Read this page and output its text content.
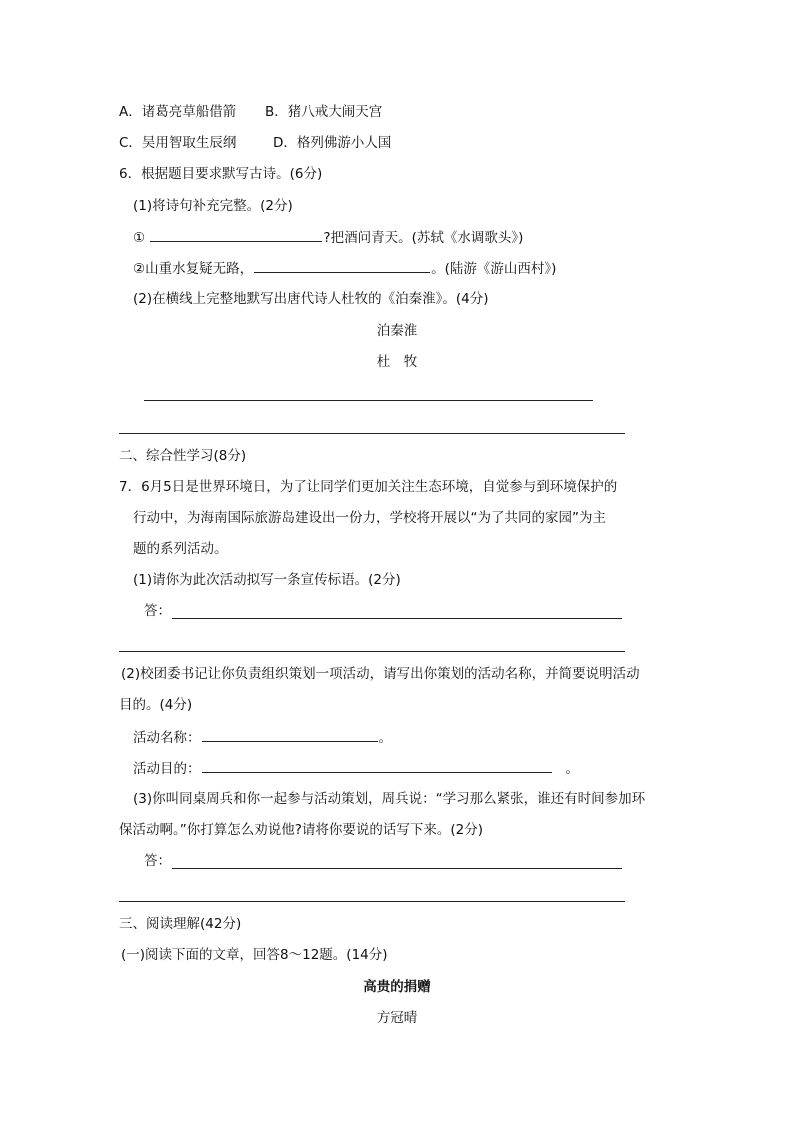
A．诸葛亮草船借箭 B．猪八戒大闹天宫
C．吴用智取生辰纲	D．格列佛游小人国
6．根据题目要求默写古诗。(6分)
(1)将诗句补充完整。(2分)
①	?把酒问青天。(苏轼《水调歌头》)
②山重水复疑无路，	。(陆游《游山西村》)
(2)在横线上完整地默写出唐代诗人杜牧的《泊秦淮》。(4分)
泊秦淮
杜　牧
二、综合性学习(8分)
7．6月5日是世界环境日，为了让同学们更加关注生态环境，自觉参与到环境保护的
行动中，为海南国际旅游岛建设出一份力，学校将开展以“为了共同的家园”为主
题的系列活动。
(1)请你为此次活动拟写一条宣传标语。(2分)
答：
(2)校团委书记让你负责组织策划一项活动，请写出你策划的活动名称，并简要说明活动
目的。(4分)
活动名称：	。
活动目的：	。
(3)你叫同桌周兵和你一起参与活动策划，周兵说：“学习那么紧张，谁还有时间参加环
保活动啊。”你打算怎么劝说他?请将你要说的话写下来。(2分)
答：
三、阅读理解(42分)
(一)阅读下面的文章，回答8～12题。(14分)
高贵的捐赠
方冠晴
